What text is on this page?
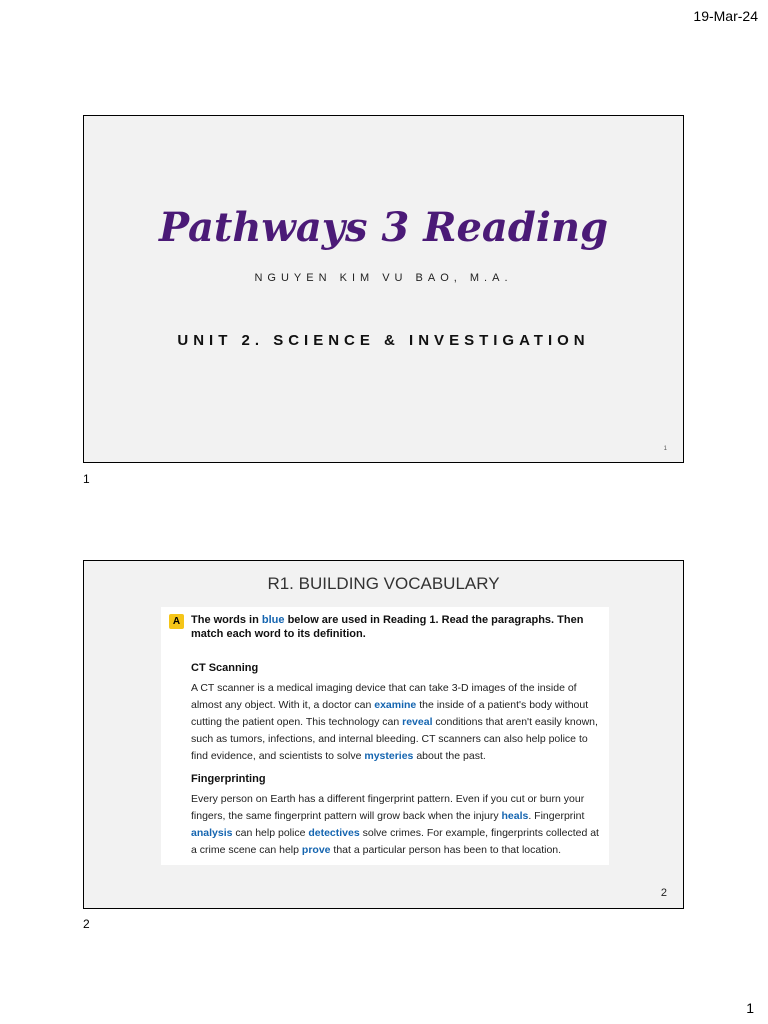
19-Mar-24
Pathways 3 Reading
NGUYEN KIM VU BAO, M.A.
UNIT 2. SCIENCE & INVESTIGATION
1
1
R1. BUILDING VOCABULARY
A The words in blue below are used in Reading 1. Read the paragraphs. Then match each word to its definition.
CT Scanning
A CT scanner is a medical imaging device that can take 3-D images of the inside of almost any object. With it, a doctor can examine the inside of a patient's body without cutting the patient open. This technology can reveal conditions that aren't easily known, such as tumors, infections, and internal bleeding. CT scanners can also help police to find evidence, and scientists to solve mysteries about the past.
Fingerprinting
Every person on Earth has a different fingerprint pattern. Even if you cut or burn your fingers, the same fingerprint pattern will grow back when the injury heals. Fingerprint analysis can help police detectives solve crimes. For example, fingerprints collected at a crime scene can help prove that a particular person has been to that location.
2
2
1
